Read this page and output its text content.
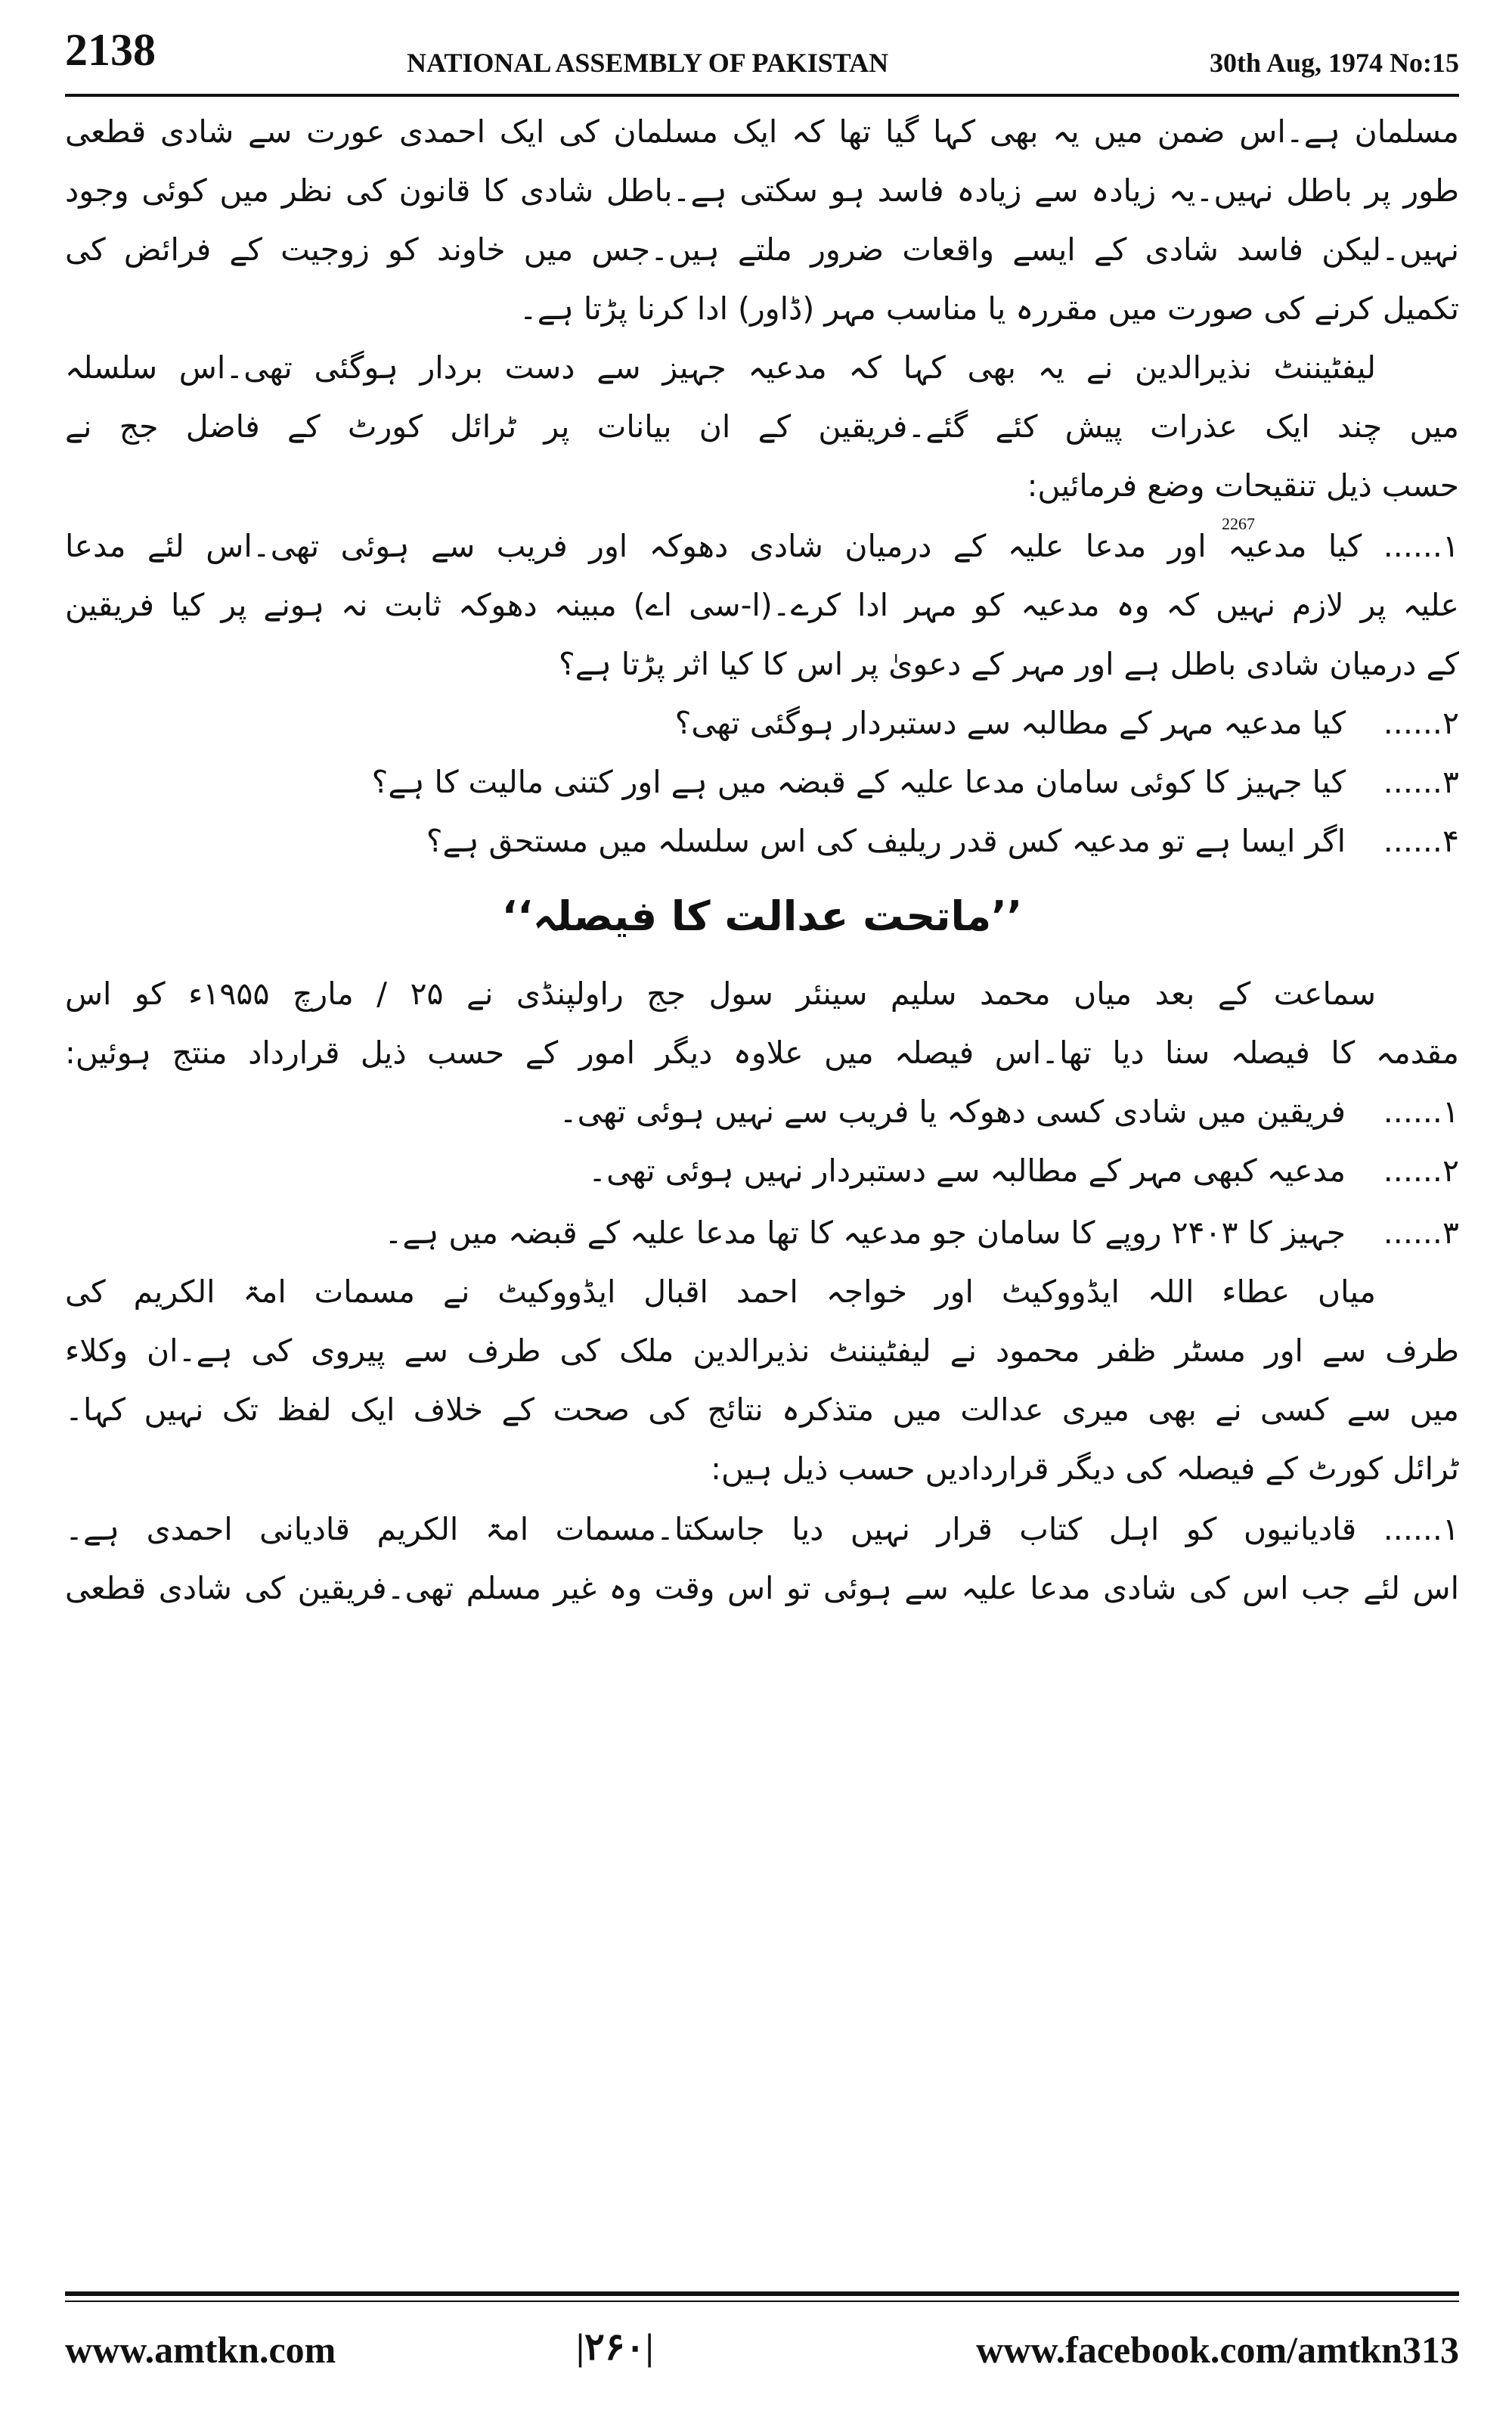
2138	NATIONAL ASSEMBLY OF PAKISTAN	30th Aug, 1974 No:15
مسلمان ہے۔اس ضمن میں یہ بھی کہا گیا تھا کہ ایک مسلمان کی ایک احمدی عورت سے شادی قطعی
طور پر باطل نہیں۔یہ زیادہ سے زیادہ فاسد ہو سکتی ہے۔باطل شادی کا قانون کی نظر میں کوئی وجود
نہیں۔لیکن فاسد شادی کے ایسے واقعات ضرور ملتے ہیں۔جس میں خاوند کو زوجیت کے فرائض کی
تکمیل کرنے کی صورت میں مقررہ یا مناسب مہر (ڈاور) ادا کرنا پڑتا ہے۔
لیفٹیننٹ نذیرالدین نے یہ بھی کہا کہ مدعیہ جہیز سے دست بردار ہوگئی تھی۔اس سلسلہ
میں چند ایک عذرات پیش کئے گئے۔فریقین کے ان بیانات پر ٹرائل کورٹ کے فاضل جج نے
حسب ذیل تنقیحات وضع فرمائیں:
۱...... کیا مدعیہ اور مدعا علیہ کے درمیان شادی دھوکہ اور فریب سے ہوئی تھی۔اس لئے مدعا
2267
علیہ پر لازم نہیں کہ وہ مدعیہ کو مہر ادا کرے۔(ا-سی اے) مبینہ دھوکہ ثابت نہ ہونے پر کیا فریقین
کے درمیان شادی باطل ہے اور مہر کے دعویٰ پر اس کا کیا اثر پڑتا ہے؟
۲......
کیا مدعیہ مہر کے مطالبہ سے دستبردار ہوگئی تھی؟
۳......
کیا جہیز کا کوئی سامان مدعا علیہ کے قبضہ میں ہے اور کتنی مالیت کا ہے؟
۴......
اگر ایسا ہے تو مدعیہ کس قدر ریلیف کی اس سلسلہ میں مستحق ہے؟
’’ماتحت عدالت کا فیصلہ‘‘
سماعت کے بعد میاں محمد سلیم سینئر سول جج راولپنڈی نے ۲۵ / مارچ ۱۹۵۵ء کو اس
مقدمہ کا فیصلہ سنا دیا تھا۔اس فیصلہ میں علاوہ دیگر امور کے حسب ذیل قرارداد منتج ہوئیں:
۱......
فریقین میں شادی کسی دھوکہ یا فریب سے نہیں ہوئی تھی۔
۲......
مدعیہ کبھی مہر کے مطالبہ سے دستبردار نہیں ہوئی تھی۔
۳......
جہیز کا ۲۴۰۳ روپے کا سامان جو مدعیہ کا تھا مدعا علیہ کے قبضہ میں ہے۔
میاں عطاء اللہ ایڈووکیٹ اور خواجہ احمد اقبال ایڈووکیٹ نے مسمات امۃ الکریم کی
طرف سے اور مسٹر ظفر محمود نے لیفٹیننٹ نذیرالدین ملک کی طرف سے پیروی کی ہے۔ان وکلاء
میں سے کسی نے بھی میری عدالت میں متذکرہ نتائج کی صحت کے خلاف ایک لفظ تک نہیں کہا۔
ٹرائل کورٹ کے فیصلہ کی دیگر قراردادیں حسب ذیل ہیں:
۱...... قادیانیوں کو اہل کتاب قرار نہیں دیا جاسکتا۔مسمات امۃ الکریم قادیانی احمدی ہے۔
اس لئے جب اس کی شادی مدعا علیہ سے ہوئی تو اس وقت وہ غیر مسلم تھی۔فریقین کی شادی قطعی
www.amtkn.com	|۲۶۰|	www.facebook.com/amtkn313
